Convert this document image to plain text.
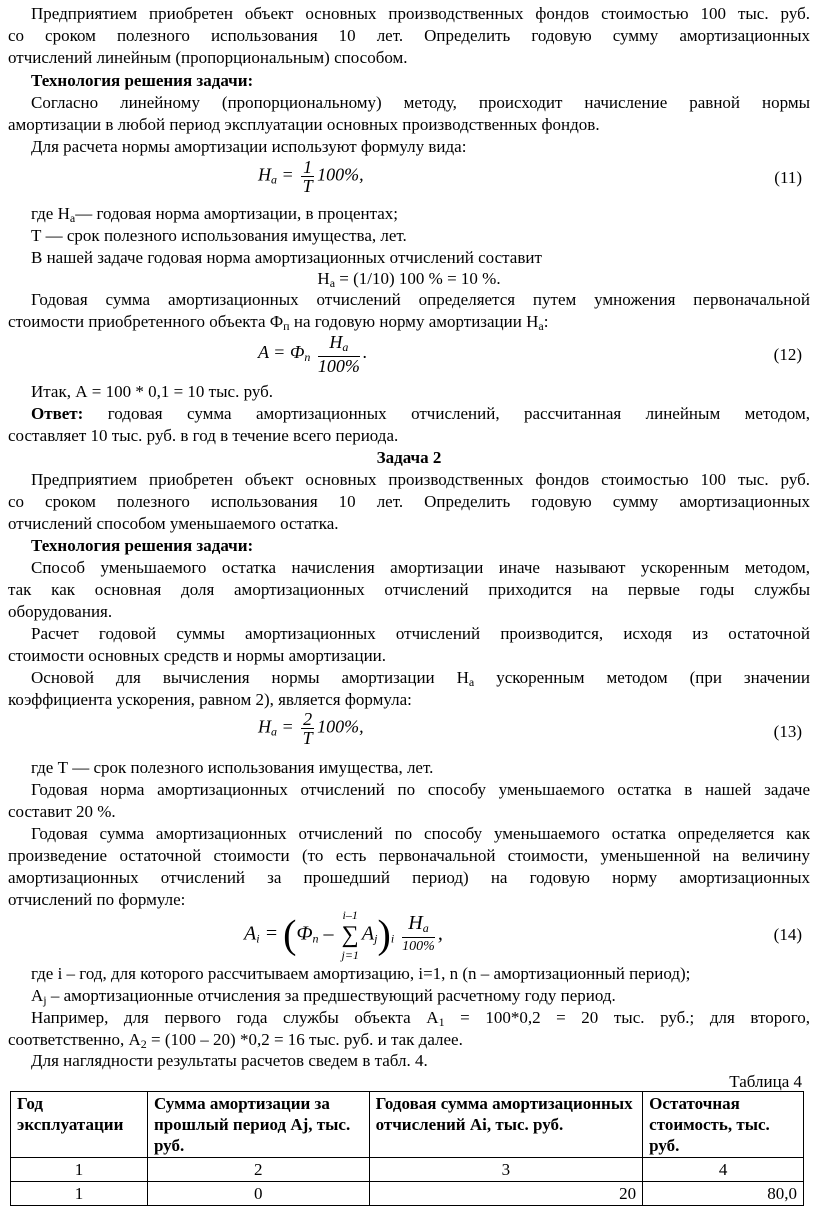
Предприятием приобретен объект основных производственных фондов стоимостью 100 тыс. руб.
со сроком полезного использования 10 лет. Определить годовую сумму амортизационных
отчислений линейным (пропорциональным) способом.
Технология решения задачи:
Согласно линейному (пропорциональному) методу, происходит начисление равной нормы
амортизации в любой период эксплуатации основных производственных фондов.
Для расчета нормы амортизации используют формулу вида:
$Н_а = \frac{1}{T} 100\%$,	(11)
где $Н_а—$ годовая норма амортизации, в процентах;
Т — срок полезного использования имущества, лет.
В нашей задаче годовая норма амортизационных отчислений составит
$Н_а = (1/10)$ 100 % = 10 %.
Годовая сумма амортизационных отчислений определяется путем умножения первоначальной
стоимости приобретенного объекта $Ф_п$ на годовую норму амортизации $Н_а$:
$A = Ф_п \frac{Н_а}{100\%}$ .	(12)
Итак, А = 100 * 0,1 = 10 тыс. руб.
Ответ: годовая сумма амортизационных отчислений, рассчитанная линейным методом,
составляет 10 тыс. руб. в год в течение всего периода.
Задача 2
Предприятием приобретен объект основных производственных фондов стоимостью 100 тыс. руб.
со сроком полезного использования 10 лет. Определить годовую сумму амортизационных
отчислений способом уменьшаемого остатка.
Технология решения задачи:
Способ уменьшаемого остатка начисления амортизации иначе называют ускоренным методом,
так как основная доля амортизационных отчислений приходится на первые годы службы
оборудования.
Расчет годовой суммы амортизационных отчислений производится, исходя из остаточной
стоимости основных средств и нормы амортизации.
Основой для вычисления нормы амортизации $Н_а$ ускоренным методом (при значении
коэффициента ускорения, равном 2), является формула:
$Н_а = \frac{2}{T} 100\%$,	(13)
где Т — срок полезного использования имущества, лет.
Годовая норма амортизационных отчислений по способу уменьшаемого остатка в нашей задаче
составит 20 %.
Годовая сумма амортизационных отчислений по способу уменьшаемого остатка определяется как
произведение остаточной стоимости (то есть первоначальной стоимости, уменьшенной на величину
амортизационных отчислений за прошедший период) на годовую норму амортизационных
отчислений по формуле:
$A_i = (Ф_п$ –
i–1
∑
j=1
$A_j)_i \frac{Н_а}{100\%}$ ,	(14)
где i – год, для которого рассчитываем амортизацию, i=1, n (n – амортизационный период);
$А_j$ – амортизационные отчисления за предшествующий расчетному году период.
Например, для первого года службы объекта $А_1 = 100*0,2 = 20$ тыс. руб.; для второго,
соответственно, $А_2 = (100 - 20) *0,2 = 16$ тыс. руб. и так далее.
Для наглядности результаты расчетов сведем в табл. 4.
Таблица 4
Год эксплуатации	Сумма амортизации за прошлый период Аj, тыс. руб.	Годовая сумма амортизационных отчислений Аi, тыс. руб.	Остаточная стоимость, тыс. руб.
1	2	3	4
1	0	20	80,0
